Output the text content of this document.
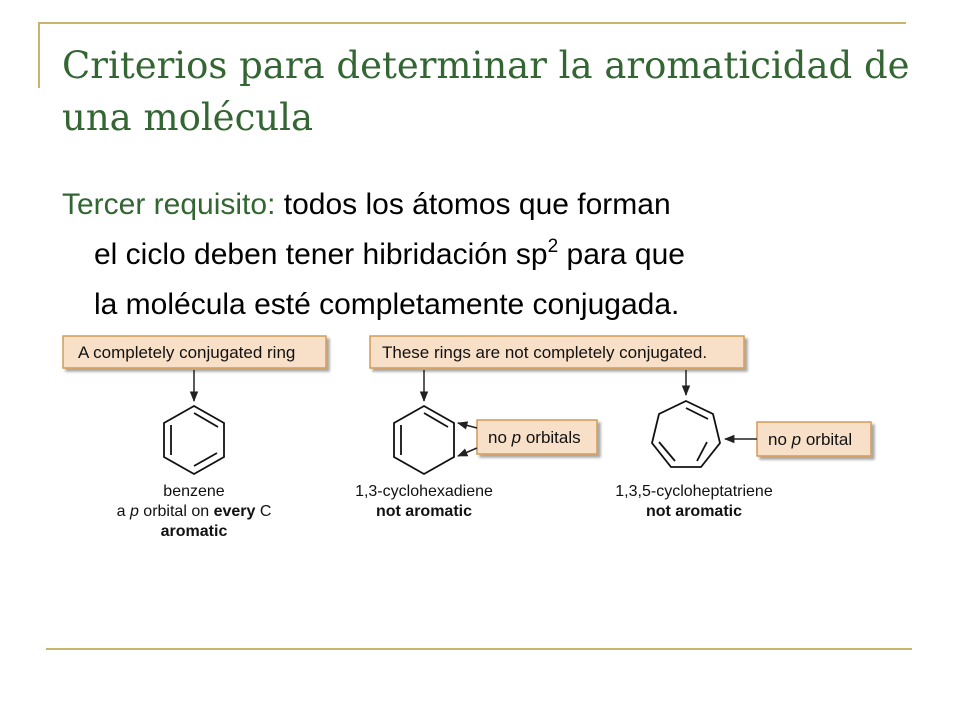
Criterios para determinar la aromaticidad de una molécula
Tercer requisito: todos los átomos que forman
el ciclo deben tener hibridación $sp^2$ para que
la molécula esté completamente conjugada.
A completely conjugated ring	These rings are not completely conjugated.
no p orbitals	no p orbital
benzene
a p orbital on every C
aromatic
1,3-cyclohexadiene
not aromatic
1,3,5-cycloheptatriene
not aromatic
